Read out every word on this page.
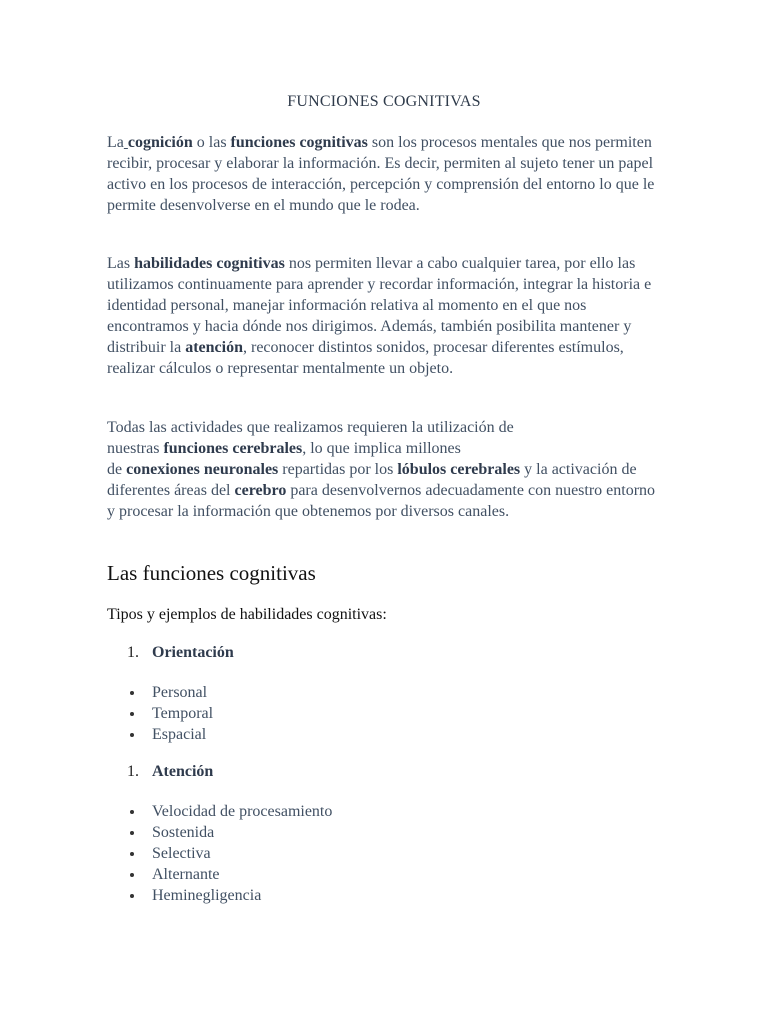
FUNCIONES COGNITIVAS
La cognición o las funciones cognitivas son los procesos mentales que nos permiten recibir, procesar y elaborar la información. Es decir, permiten al sujeto tener un papel activo en los procesos de interacción, percepción y comprensión del entorno lo que le permite desenvolverse en el mundo que le rodea.
Las habilidades cognitivas nos permiten llevar a cabo cualquier tarea, por ello las utilizamos continuamente para aprender y recordar información, integrar la historia e identidad personal, manejar información relativa al momento en el que nos encontramos y hacia dónde nos dirigimos. Además, también posibilita mantener y distribuir la atención, reconocer distintos sonidos, procesar diferentes estímulos, realizar cálculos o representar mentalmente un objeto.
Todas las actividades que realizamos requieren la utilización de
nuestras funciones cerebrales, lo que implica millones
de conexiones neuronales repartidas por los lóbulos cerebrales y la activación de diferentes áreas del cerebro para desenvolvernos adecuadamente con nuestro entorno y procesar la información que obtenemos por diversos canales.
Las funciones cognitivas
Tipos y ejemplos de habilidades cognitivas:
1. Orientación
Personal
Temporal
Espacial
1. Atención
Velocidad de procesamiento
Sostenida
Selectiva
Alternante
Heminegligencia
